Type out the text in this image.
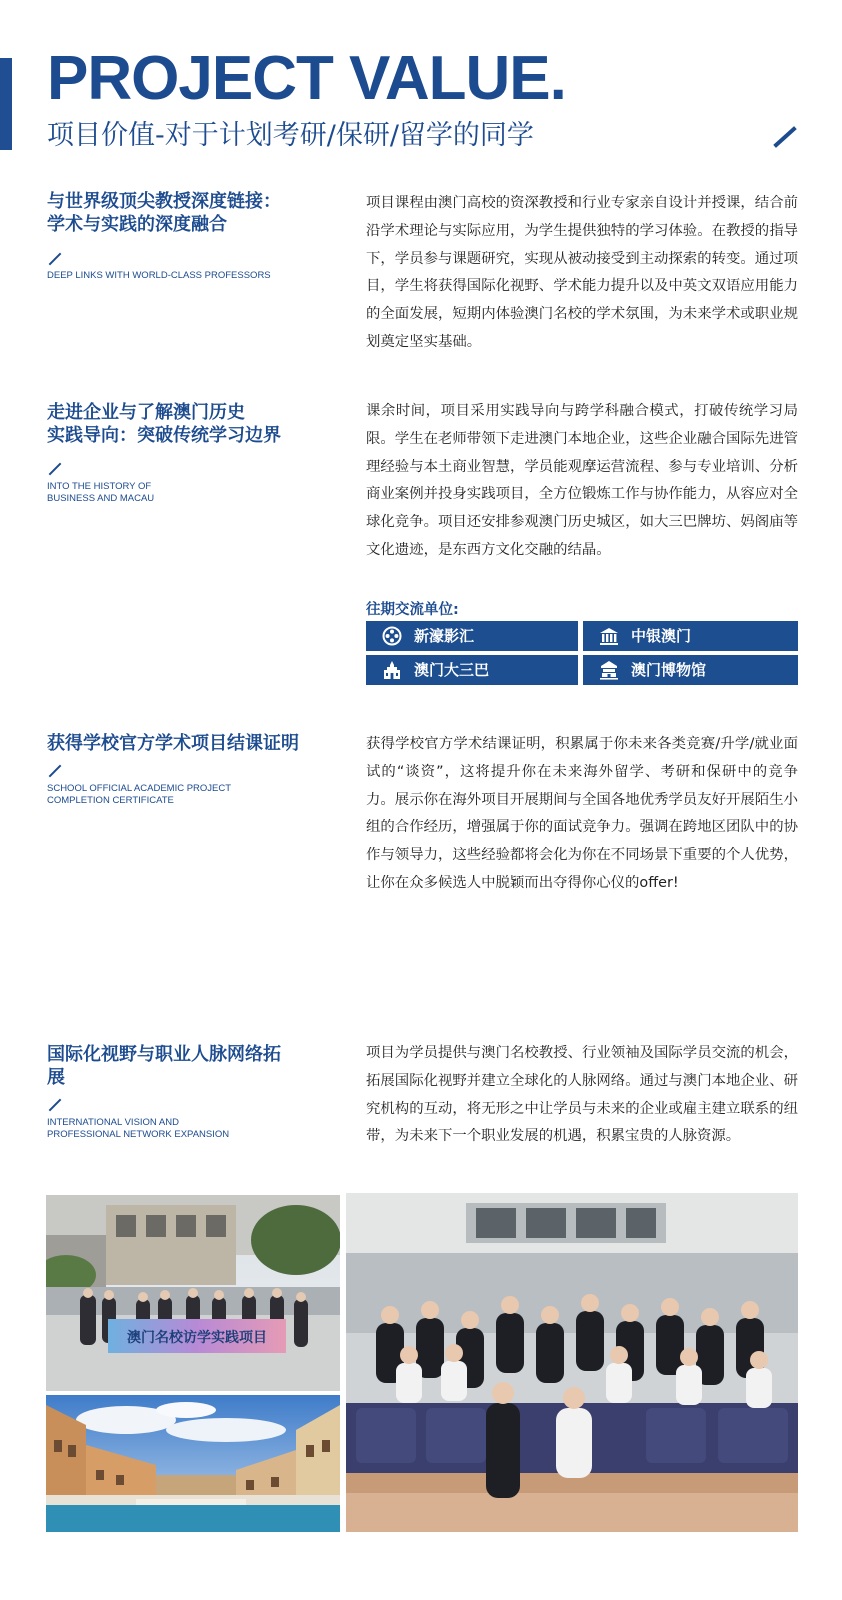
PROJECT VALUE.
项目价值-对于计划考研/保研/留学的同学
与世界级顶尖教授深度链接：
学术与实践的深度融合
DEEP LINKS WITH WORLD-CLASS PROFESSORS
项目课程由澳门高校的资深教授和行业专家亲自设计并授课，结合前沿学术理论与实际应用，为学生提供独特的学习体验。在教授的指导下，学员参与课题研究，实现从被动接受到主动探索的转变。通过项目，学生将获得国际化视野、学术能力提升以及中英文双语应用能力的全面发展，短期内体验澳门名校的学术氛围，为未来学术或职业规划奠定坚实基础。
走进企业与了解澳门历史
实践导向：突破传统学习边界
INTO THE HISTORY OF
BUSINESS AND MACAU
课余时间，项目采用实践导向与跨学科融合模式，打破传统学习局限。学生在老师带领下走进澳门本地企业，这些企业融合国际先进管理经验与本土商业智慧，学员能观摩运营流程、参与专业培训、分析商业案例并投身实践项目，全方位锻炼工作与协作能力，从容应对全球化竞争。项目还安排参观澳门历史城区，如大三巴牌坊、妈阁庙等文化遗迹，是东西方文化交融的结晶。
往期交流单位:
新濠影汇	中银澳门
澳门大三巴	澳门博物馆
获得学校官方学术项目结课证明
SCHOOL OFFICIAL ACADEMIC PROJECT
COMPLETION CERTIFICATE
获得学校官方学术结课证明，积累属于你未来各类竞赛/升学/就业面试的“谈资”，这将提升你在未来海外留学、考研和保研中的竞争力。展示你在海外项目开展期间与全国各地优秀学员友好开展陌生小组的合作经历，增强属于你的面试竞争力。强调在跨地区团队中的协作与领导力，这些经验都将会化为你在不同场景下重要的个人优势，让你在众多候选人中脱颖而出夺得你心仪的offer!
国际化视野与职业人脉网络拓
展
INTERNATIONAL VISION AND
PROFESSIONAL NETWORK EXPANSION
项目为学员提供与澳门名校教授、行业领袖及国际学员交流的机会，拓展国际化视野并建立全球化的人脉网络。通过与澳门本地企业、研究机构的互动，将无形之中让学员与未来的企业或雇主建立联系的纽带，为未来下一个职业发展的机遇，积累宝贵的人脉资源。
澳门名校访学实践项目
